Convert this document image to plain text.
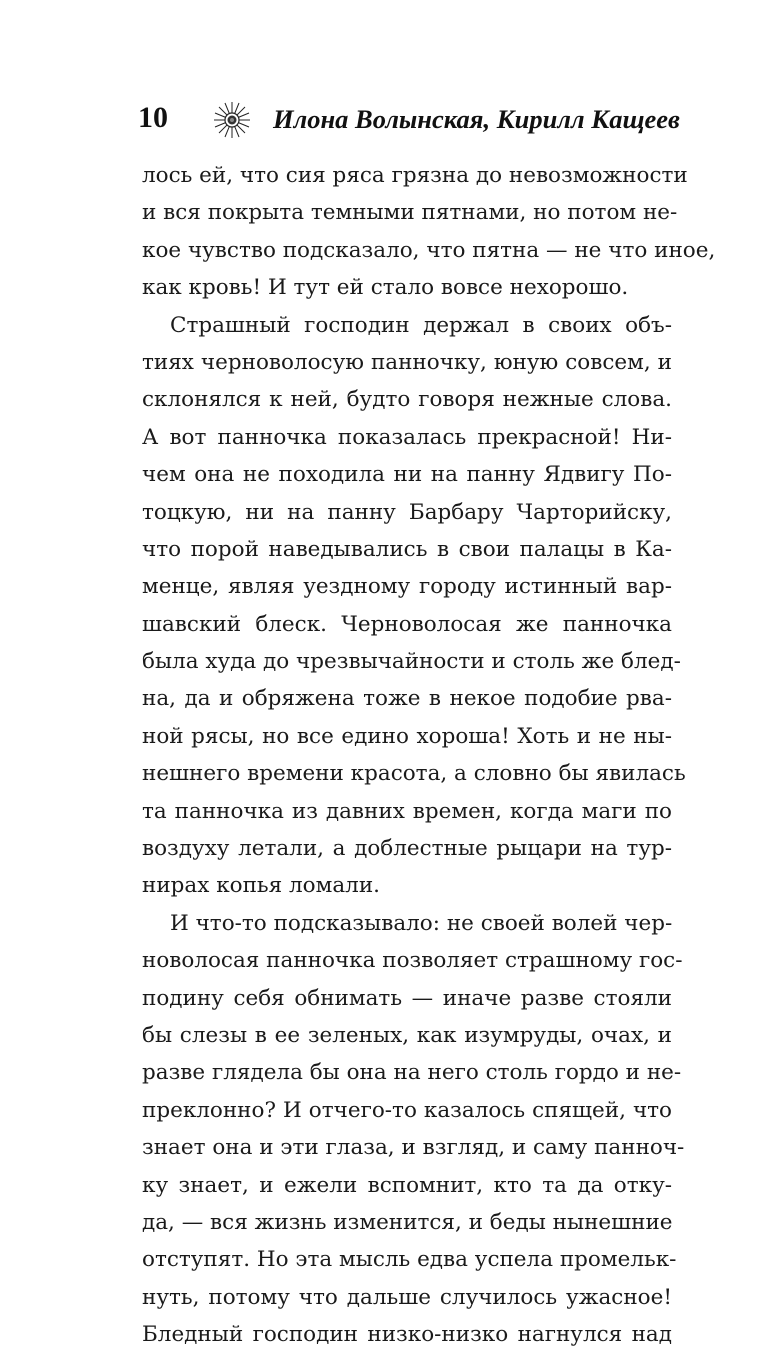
10	Илона Волынская, Кирилл Кащеев
лось ей, что сия ряса грязна до невозможности
и вся покрыта темными пятнами, но потом не-
кое чувство подсказало, что пятна — не что иное,
как кровь! И тут ей стало вовсе нехорошо.
Страшный господин держал в своих объ-
тиях черноволосую панночку, юную совсем, и
склонялся к ней, будто говоря нежные слова.
А вот панночка показалась прекрасной! Ни-
чем она не походила ни на панну Ядвигу По-
тоцкую, ни на панну Барбару Чарторийску,
что порой наведывались в свои палацы в Ка-
менце, являя уездному городу истинный вар-
шавский блеск. Черноволосая же панночка
была худа до чрезвычайности и столь же блед-
на, да и обряжена тоже в некое подобие рва-
ной рясы, но все едино хороша! Хоть и не ны-
нешнего времени красота, а словно бы явилась
та панночка из давних времен, когда маги по
воздуху летали, а доблестные рыцари на тур-
нирах копья ломали.
И что-то подсказывало: не своей волей чер-
новолосая панночка позволяет страшному гос-
подину себя обнимать — иначе разве стояли
бы слезы в ее зеленых, как изумруды, очах, и
разве глядела бы она на него столь гордо и не-
преклонно? И отчего-то казалось спящей, что
знает она и эти глаза, и взгляд, и саму панноч-
ку знает, и ежели вспомнит, кто та да отку-
да, — вся жизнь изменится, и беды нынешние
отступят. Но эта мысль едва успела промельк-
нуть, потому что дальше случилось ужасное!
Бледный господин низко-низко нагнулся над
